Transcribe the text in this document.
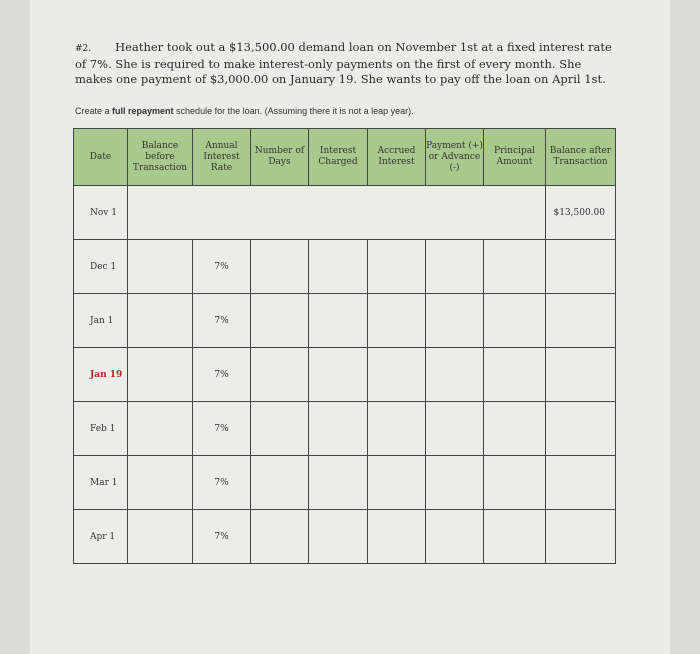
#2. Heather took out a $13,500.00 demand loan on November 1st at a fixed interest rate of 7%. She is required to make interest-only payments on the first of every month. She makes one payment of $3,000.00 on January 19. She wants to pay off the loan on April 1st.
Create a full repayment schedule for the loan. (Assuming there it is not a leap year).
Date	Balance before Transaction	Annual Interest Rate	Number of Days	Interest Charged	Accrued Interest	Payment (+) or Advance (-)	Principal Amount	Balance after Transaction
Nov 1								$13,500.00
Dec 1		7%						
Jan 1		7%						
Jan 19		7%						
Feb 1		7%						
Mar 1		7%						
Apr 1		7%						
